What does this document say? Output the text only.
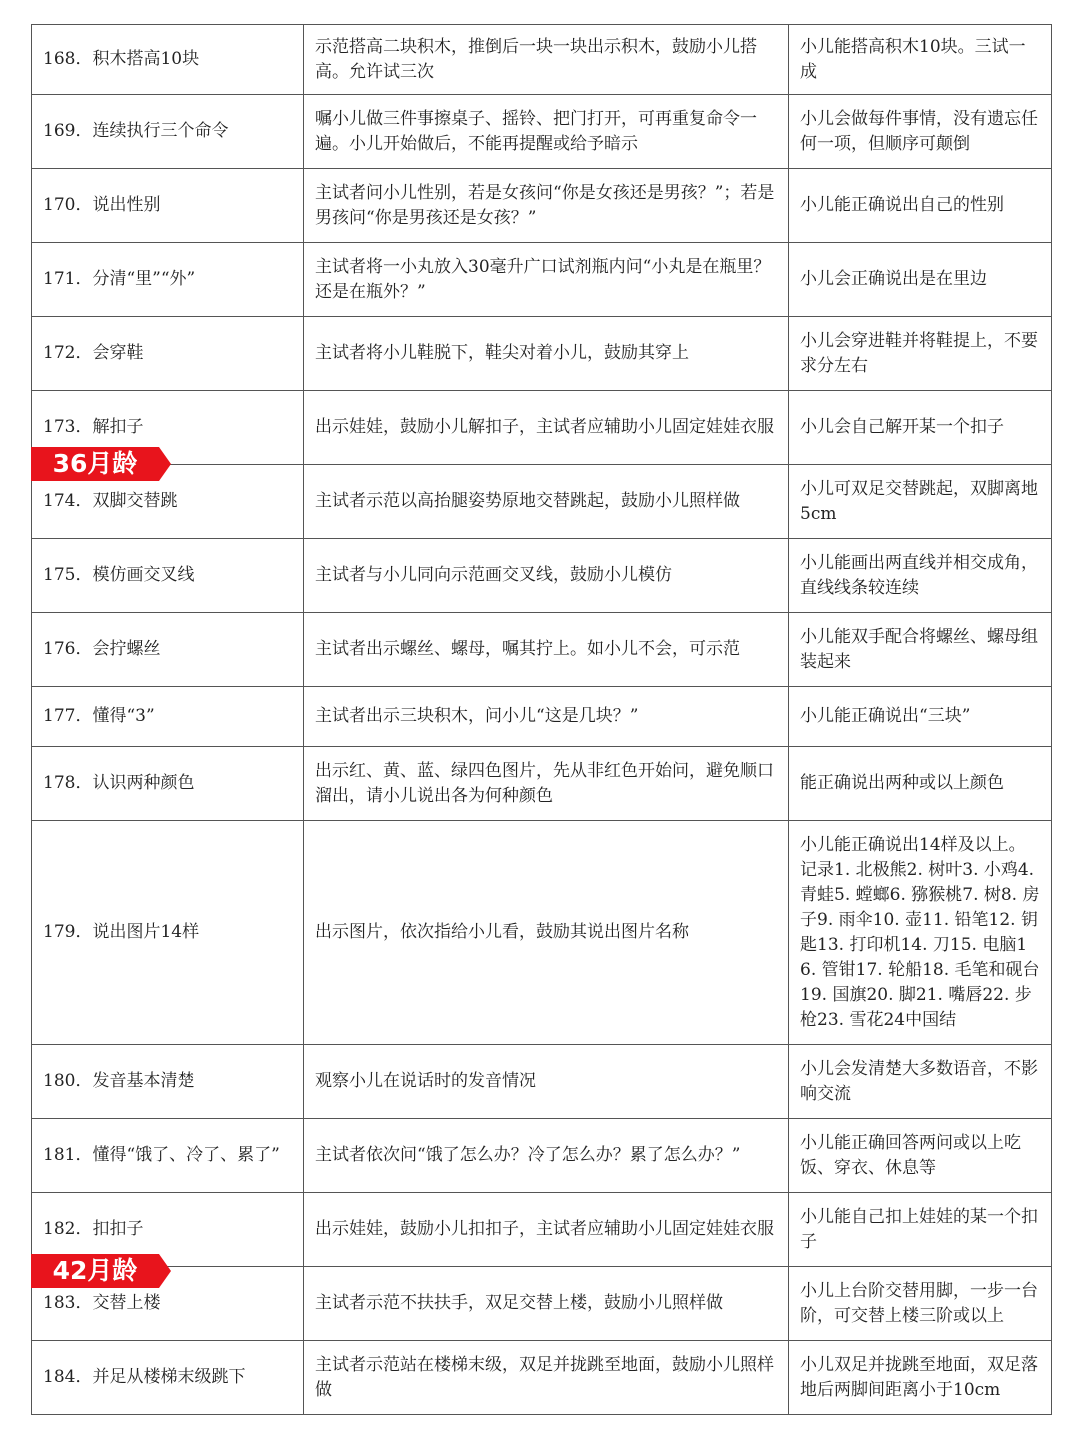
168．积木搭高10块	示范搭高二块积木，推倒后一块一块出示积木，鼓励小儿搭高。允许试三次	小儿能搭高积木10块。三试一成
169．连续执行三个命令	嘱小儿做三件事擦桌子、摇铃、把门打开，可再重复命令一遍。小儿开始做后，不能再提醒或给予暗示	小儿会做每件事情，没有遗忘任何一项，但顺序可颠倒
170．说出性别	主试者问小儿性别，若是女孩问“你是女孩还是男孩？”；若是男孩问“你是男孩还是女孩？”	小儿能正确说出自己的性别
171．分清“里”“外”	主试者将一小丸放入30毫升广口试剂瓶内问“小丸是在瓶里？还是在瓶外？”	小儿会正确说出是在里边
172．会穿鞋	主试者将小儿鞋脱下，鞋尖对着小儿，鼓励其穿上	小儿会穿进鞋并将鞋提上，不要求分左右
173．解扣子	出示娃娃，鼓励小儿解扣子，主试者应辅助小儿固定娃娃衣服	小儿会自己解开某一个扣子
174．双脚交替跳	主试者示范以高抬腿姿势原地交替跳起，鼓励小儿照样做	小儿可双足交替跳起，双脚离地5cm
175．模仿画交叉线	主试者与小儿同向示范画交叉线，鼓励小儿模仿	小儿能画出两直线并相交成角，直线线条较连续
176．会拧螺丝	主试者出示螺丝、螺母，嘱其拧上。如小儿不会，可示范	小儿能双手配合将螺丝、螺母组装起来
177．懂得“3”	主试者出示三块积木，问小儿“这是几块？”	小儿能正确说出“三块”
178．认识两种颜色	出示红、黄、蓝、绿四色图片，先从非红色开始问，避免顺口溜出，请小儿说出各为何种颜色	能正确说出两种或以上颜色
179．说出图片14样	出示图片，依次指给小儿看，鼓励其说出图片名称	小儿能正确说出14样及以上。记录1. 北极熊2. 树叶3. 小鸡4. 青蛙5. 螳螂6. 猕猴桃7. 树8. 房子9. 雨伞10. 壶11. 铅笔12. 钥匙13. 打印机14. 刀15. 电脑16. 管钳17. 轮船18. 毛笔和砚台19. 国旗20. 脚21. 嘴唇22. 步枪23. 雪花24中国结
180．发音基本清楚	观察小儿在说话时的发音情况	小儿会发清楚大多数语音，不影响交流
181．懂得“饿了、冷了、累了”	主试者依次问“饿了怎么办？冷了怎么办？累了怎么办？”	小儿能正确回答两问或以上吃饭、穿衣、休息等
182．扣扣子	出示娃娃，鼓励小儿扣扣子，主试者应辅助小儿固定娃娃衣服	小儿能自己扣上娃娃的某一个扣子
183．交替上楼	主试者示范不扶扶手，双足交替上楼，鼓励小儿照样做	小儿上台阶交替用脚，一步一台阶，可交替上楼三阶或以上
184．并足从楼梯末级跳下	主试者示范站在楼梯末级，双足并拢跳至地面，鼓励小儿照样做	小儿双足并拢跳至地面，双足落地后两脚间距离小于10cm
36月龄
42月龄
